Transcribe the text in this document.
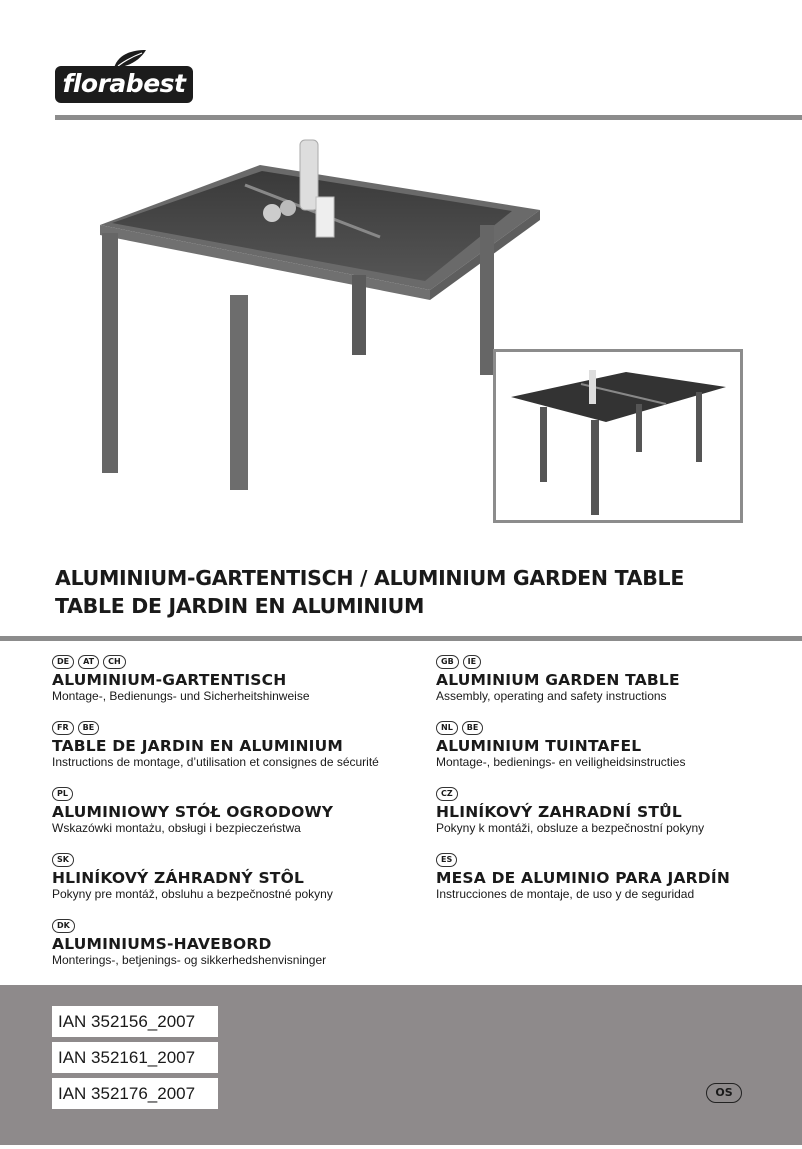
florabest
ALUMINIUM-GARTENTISCH / ALUMINIUM GARDEN TABLE
TABLE DE JARDIN EN ALUMINIUM
DE	AT	CH
ALUMINIUM-GARTENTISCH
Montage-, Bedienungs- und Sicherheitshinweise
GB	IE
ALUMINIUM GARDEN TABLE
Assembly, operating and safety instructions
FR	BE
TABLE DE JARDIN EN ALUMINIUM
Instructions de montage, d’utilisation et consignes de sécurité
NL	BE
ALUMINIUM TUINTAFEL
Montage-, bedienings- en veiligheidsinstructies
PL
ALUMINIOWY STÓŁ OGRODOWY
Wskazówki montażu, obsługi i bezpieczeństwa
CZ
HLINÍKOVÝ ZAHRADNÍ STŮL
Pokyny k montáži, obsluze a bezpečnostní pokyny
SK
HLINÍKOVÝ ZÁHRADNÝ STÔL
Pokyny pre montáž, obsluhu a bezpečnostné pokyny
ES
MESA DE ALUMINIO PARA JARDÍN
Instrucciones de montaje, de uso y de seguridad
DK
ALUMINIUMS-HAVEBORD
Monterings-, betjenings- og sikkerhedshenvisninger
IAN 352156_2007
IAN 352161_2007
IAN 352176_2007	OS
